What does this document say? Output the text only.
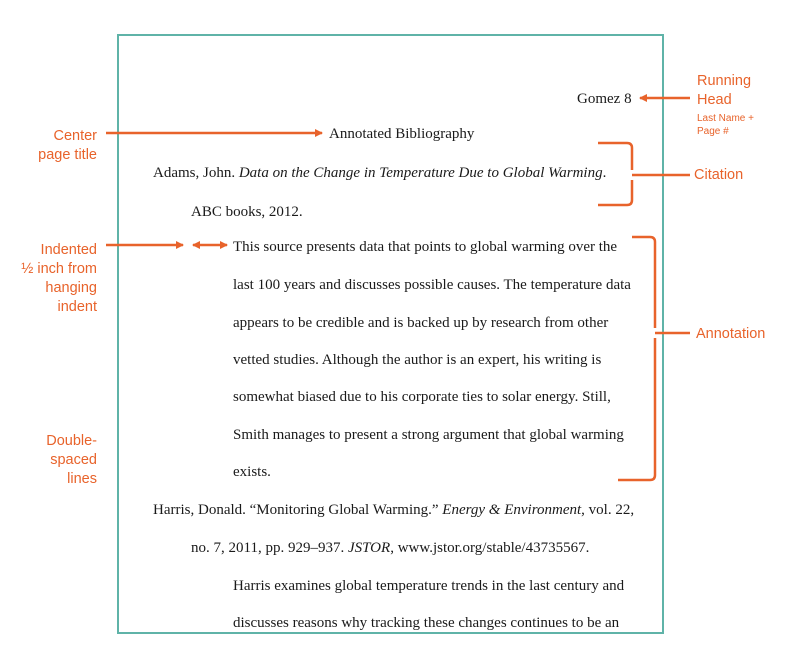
Gomez 8
Annotated Bibliography
Adams, John. Data on the Change in Temperature Due to Global Warming.
ABC books, 2012.
This source presents data that points to global warming over the
last 100 years and discusses possible causes. The temperature data
appears to be credible and is backed up by research from other
vetted studies. Although the author is an expert, his writing is
somewhat biased due to his corporate ties to solar energy. Still,
Smith manages to present a strong argument that global warming
exists.
Harris, Donald. “Monitoring Global Warming.” Energy & Environment, vol. 22,
no. 7, 2011, pp. 929–937. JSTOR, www.jstor.org/stable/43735567.
Harris examines global temperature trends in the last century and
discusses reasons why tracking these changes continues to be an
Running
Head
Last Name +
Page #
Center
page title
Citation
Indented
½ inch from
hanging
indent
Annotation
Double-
spaced
lines
